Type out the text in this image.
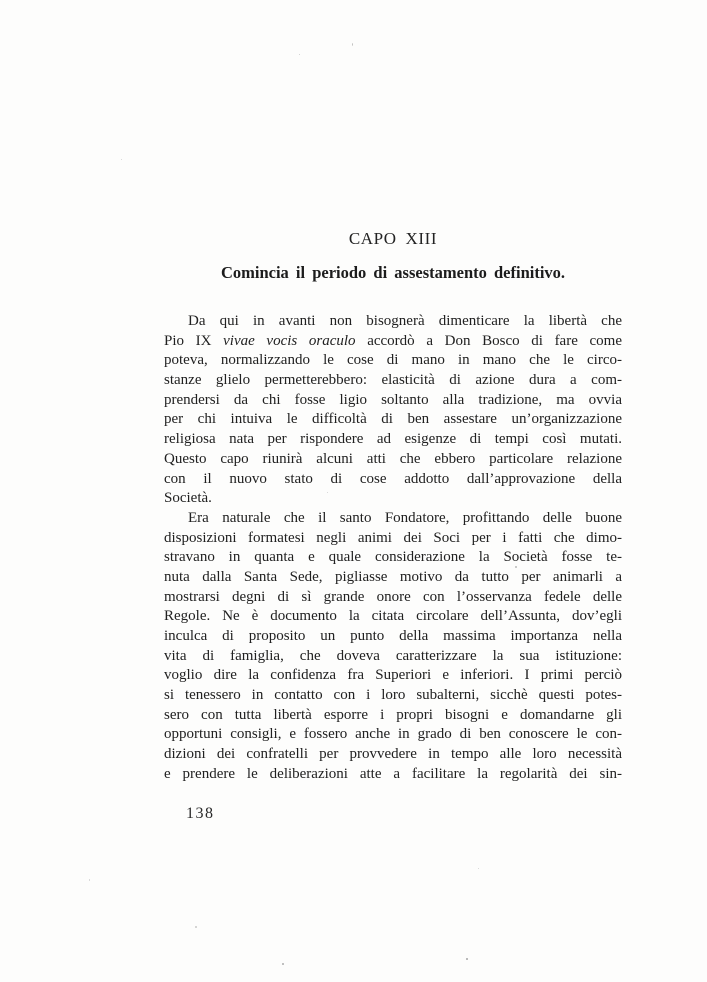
CAPO XIII
Comincia il periodo di assestamento definitivo.
Da qui in avanti non bisognerà dimenticare la libertà che
Pio IX vivae vocis oraculo accordò a Don Bosco di fare come
poteva, normalizzando le cose di mano in mano che le circo-
stanze glielo permetterebbero: elasticità di azione dura a com-
prendersi da chi fosse ligio soltanto alla tradizione, ma ovvia
per chi intuiva le difficoltà di ben assestare un’organizzazione
religiosa nata per rispondere ad esigenze di tempi così mutati.
Questo capo riunirà alcuni atti che ebbero particolare relazione
con il nuovo stato di cose addotto dall’approvazione della
Società.
Era naturale che il santo Fondatore, profittando delle buone
disposizioni formatesi negli animi dei Soci per i fatti che dimo-
stravano in quanta e quale considerazione la Società fosse te-
nuta dalla Santa Sede, pigliasse motivo da tutto per animarli a
mostrarsi degni di sì grande onore con l’osservanza fedele delle
Regole. Ne è documento la citata circolare dell’Assunta, dov’egli
inculca di proposito un punto della massima importanza nella
vita di famiglia, che doveva caratterizzare la sua istituzione:
voglio dire la confidenza fra Superiori e inferiori. I primi perciò
si tenessero in contatto con i loro subalterni, sicchè questi potes-
sero con tutta libertà esporre i propri bisogni e domandarne gli
opportuni consigli, e fossero anche in grado di ben conoscere le con-
dizioni dei confratelli per provvedere in tempo alle loro necessità
e prendere le deliberazioni atte a facilitare la regolarità dei sin-
138
